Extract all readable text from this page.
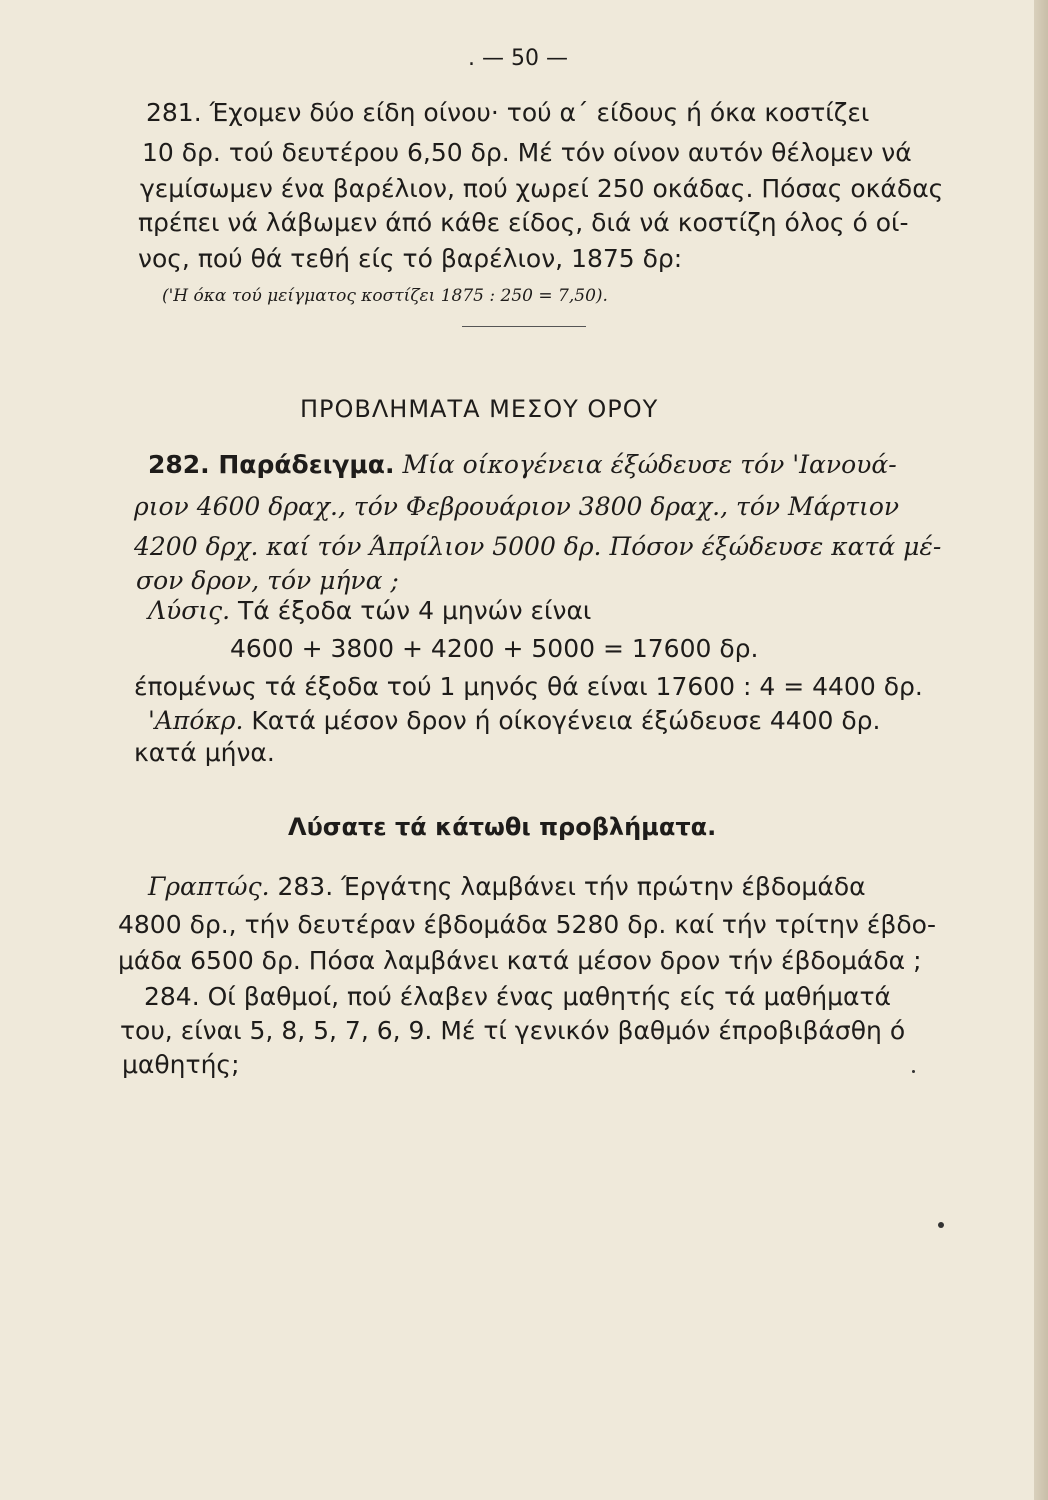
. — 50 —
281. Έχομεν δύο είδη οίνου· τού α΄ είδους ή όκα κοστίζει
10 δρ. τού δευτέρου 6,50 δρ. Μέ τόν οίνον αυτόν θέλομεν νά
γεμίσωμεν ένα βαρέλιον, πού χωρεί 250 οκάδας. Πόσας οκάδας
πρέπει νά λάβωμεν άπό κάθε είδος, διά νά κοστίζη όλος ό οί-
νος, πού θά τεθή είς τό βαρέλιον, 1875 δρ:
('Η όκα τού μείγματος κοστίζει 1875 : 250 = 7,50).
ΠΡΟΒΛΗΜΑΤΑ ΜΕΣΟΥ ΟΡΟΥ
282. Παράδειγμα. Μία οίκογένεια έξώδευσε τόν 'Ιανουά-
ριον 4600 δραχ., τόν Φεβρουάριον 3800 δραχ., τόν Μάρτιον
4200 δρχ. καί τόν Άπρίλιον 5000 δρ. Πόσον έξώδευσε κατά μέ-
σον δρον, τόν μήνα ;
Λύσις. Τά έξοδα τών 4 μηνών είναι
4600 + 3800 + 4200 + 5000 = 17600 δρ.
έπομένως τά έξοδα τού 1 μηνός θά είναι 17600 : 4 = 4400 δρ.
'Απόκρ. Κατά μέσον δρον ή οίκογένεια έξώδευσε 4400 δρ.
κατά μήνα.
Λύσατε τά κάτωθι προβλήματα.
Γραπτώς. 283. Έργάτης λαμβάνει τήν πρώτην έβδομάδα
4800 δρ., τήν δευτέραν έβδομάδα 5280 δρ. καί τήν τρίτην έβδο-
μάδα 6500 δρ. Πόσα λαμβάνει κατά μέσον δρον τήν έβδομάδα ;
284. Οί βαθμοί, πού έλαβεν ένας μαθητής είς τά μαθήματά
του, είναι 5, 8, 5, 7, 6, 9. Μέ τί γενικόν βαθμόν έπροβιβάσθη ό
μαθητής;
